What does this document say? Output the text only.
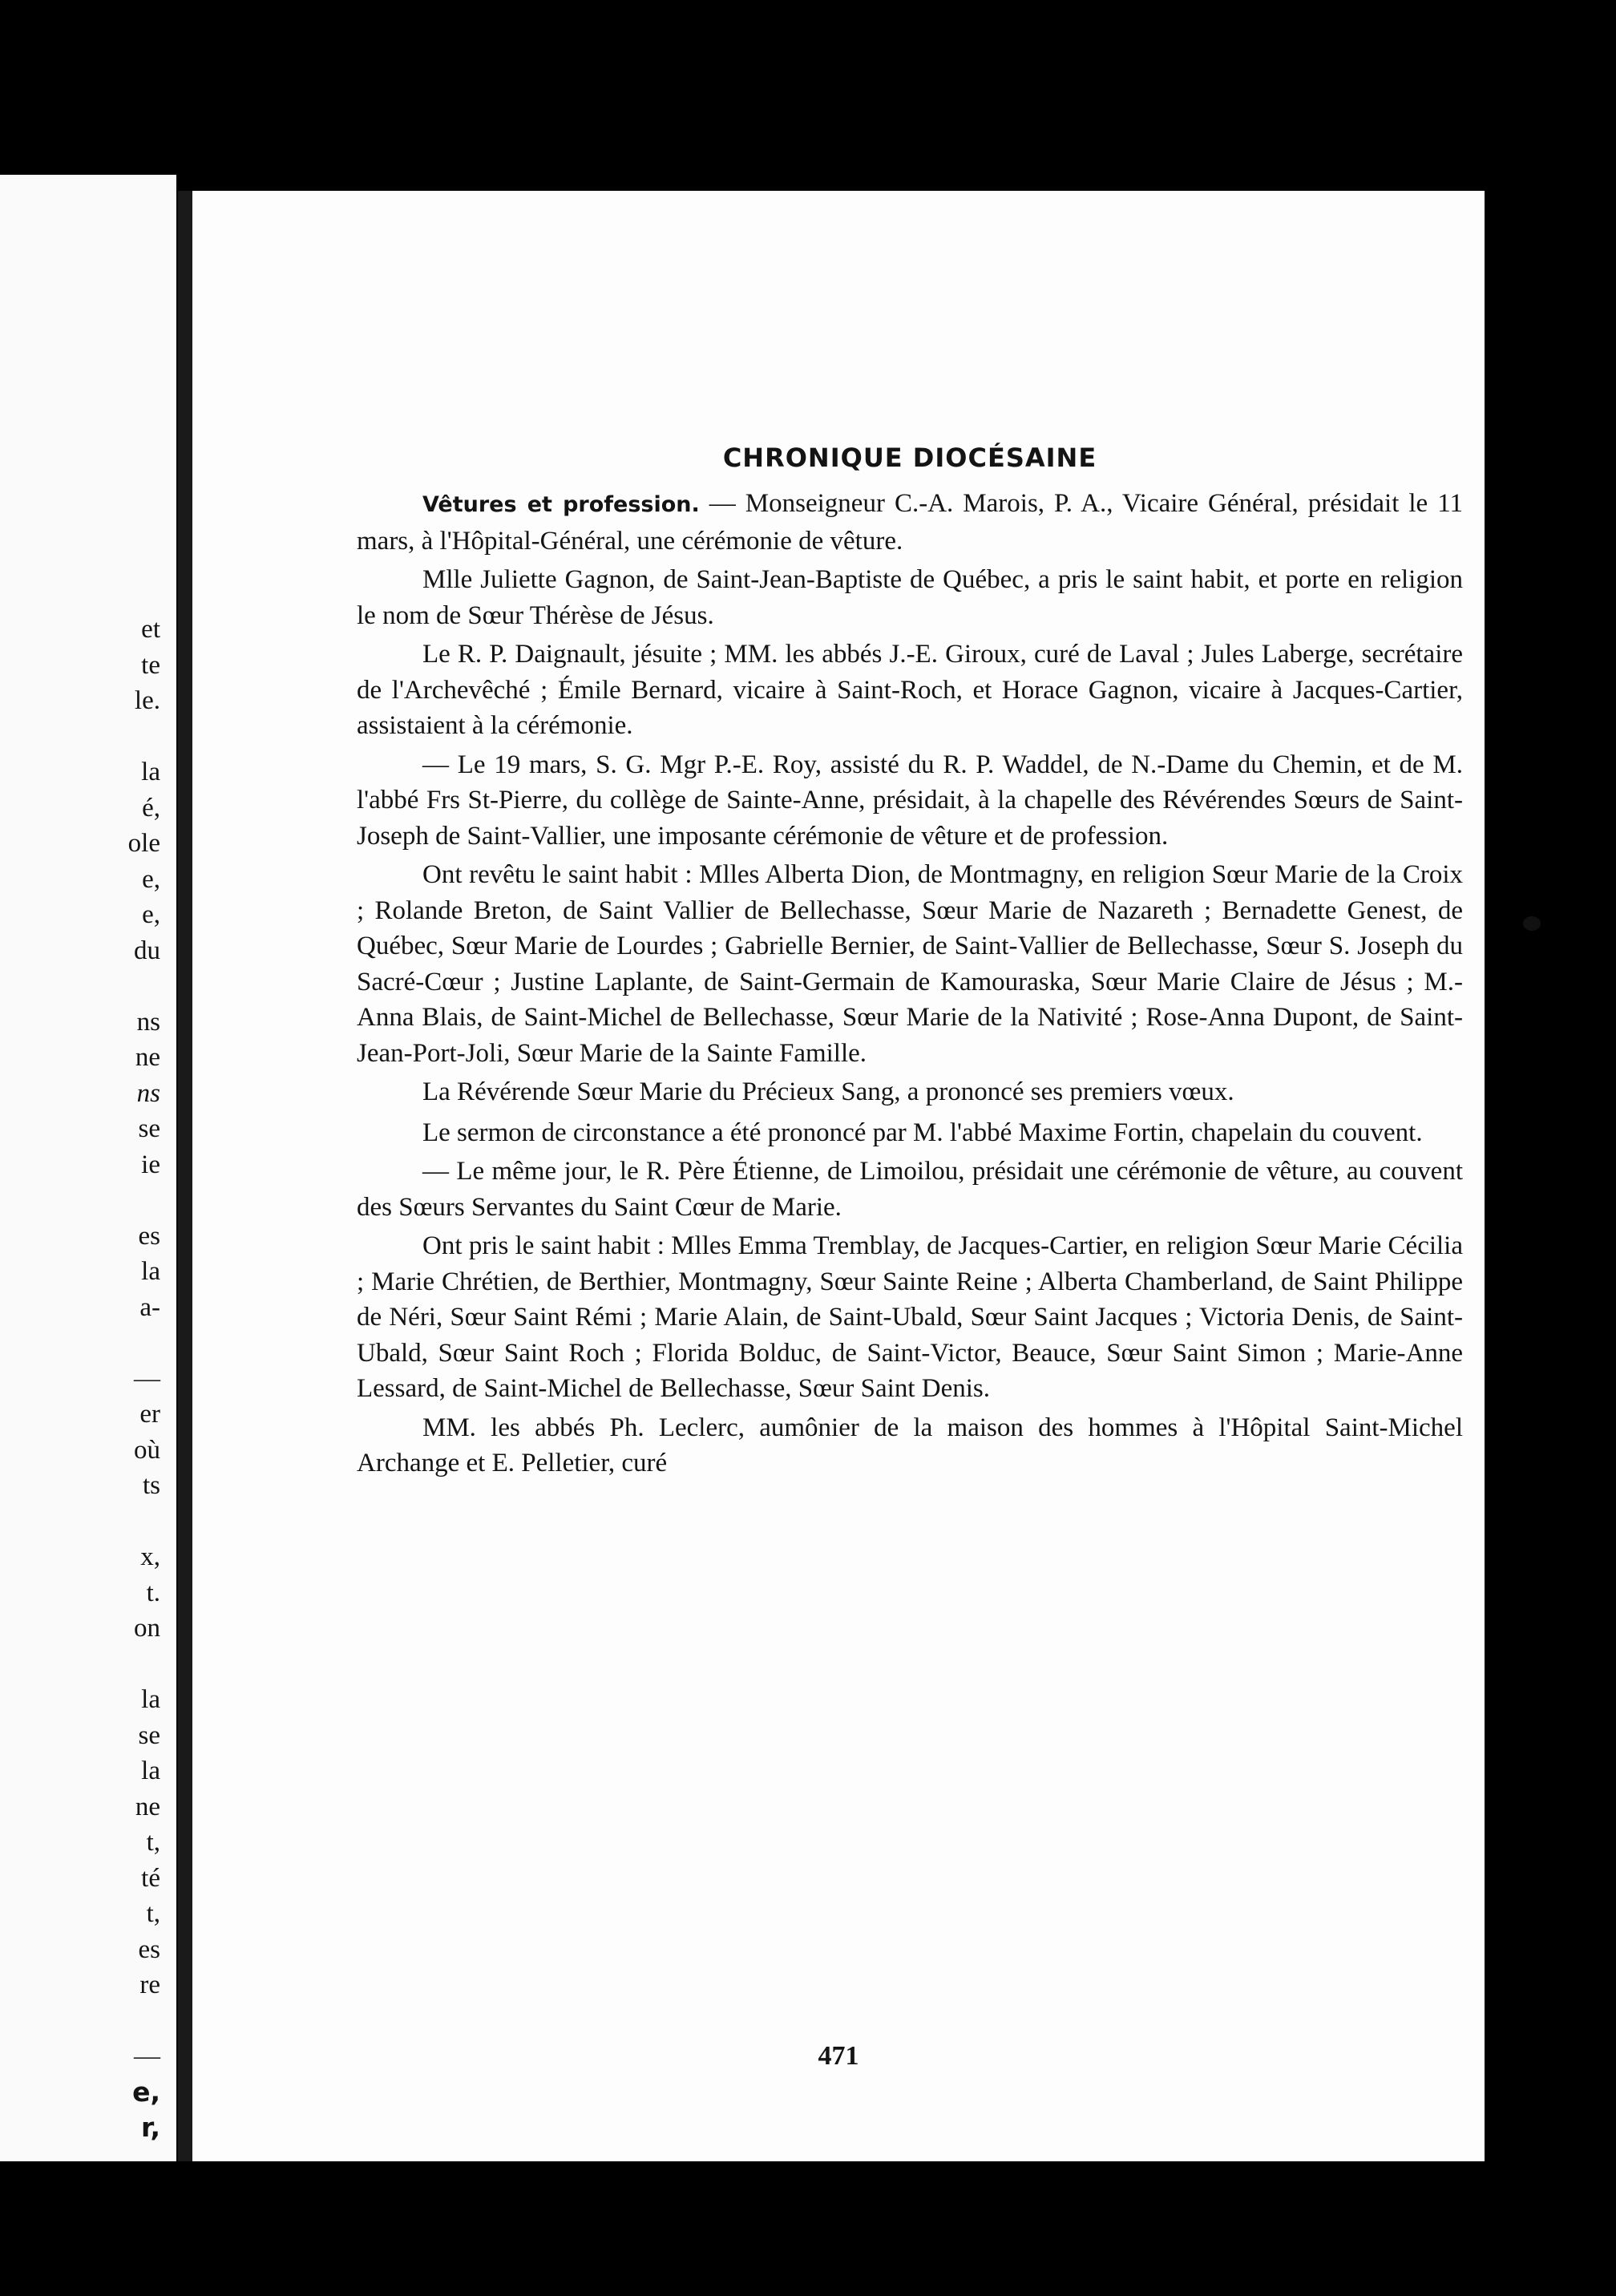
et
te
le.
la
é,
ole
e,
e,
du
ns
ne
ns
se
ie
es
la
a-
—
er
où
ts
x,
t.
on
la
se
la
ne
t,
té
t,
es
re
—
e,
r,
CHRONIQUE DIOCÉSAINE

Vêtures et profession. — Monseigneur C.-A. Marois, P. A., Vicaire Général, présidait le 11 mars, à l'Hôpital-Général, une cérémonie de vêture.

Mlle Juliette Gagnon, de Saint-Jean-Baptiste de Québec, a pris le saint habit, et porte en religion le nom de Sœur Thérèse de Jésus.

Le R. P. Daignault, jésuite ; MM. les abbés J.-E. Giroux, curé de Laval ; Jules Laberge, secrétaire de l'Archevêché ; Émile Bernard, vicaire à Saint-Roch, et Horace Gagnon, vicaire à Jacques-Cartier, assistaient à la cérémonie.

— Le 19 mars, S. G. Mgr P.-E. Roy, assisté du R. P. Waddel, de N.-Dame du Chemin, et de M. l'abbé Frs St-Pierre, du collège de Sainte-Anne, présidait, à la chapelle des Révérendes Sœurs de Saint-Joseph de Saint-Vallier, une imposante cérémonie de vêture et de profession.

Ont revêtu le saint habit : Mlles Alberta Dion, de Montmagny, en religion Sœur Marie de la Croix ; Rolande Breton, de Saint Vallier de Bellechasse, Sœur Marie de Nazareth ; Bernadette Genest, de Québec, Sœur Marie de Lourdes ; Gabrielle Bernier, de Saint-Vallier de Bellechasse, Sœur S. Joseph du Sacré-Cœur ; Justine Laplante, de Saint-Germain de Kamouraska, Sœur Marie Claire de Jésus ; M.-Anna Blais, de Saint-Michel de Bellechasse, Sœur Marie de la Nativité ; Rose-Anna Dupont, de Saint-Jean-Port-Joli, Sœur Marie de la Sainte Famille.

La Révérende Sœur Marie du Précieux Sang, a prononcé ses premiers vœux.

Le sermon de circonstance a été prononcé par M. l'abbé Maxime Fortin, chapelain du couvent.

— Le même jour, le R. Père Étienne, de Limoilou, présidait une cérémonie de vêture, au couvent des Sœurs Servantes du Saint Cœur de Marie.

Ont pris le saint habit : Mlles Emma Tremblay, de Jacques-Cartier, en religion Sœur Marie Cécilia ; Marie Chrétien, de Berthier, Montmagny, Sœur Sainte Reine ; Alberta Chamberland, de Saint Philippe de Néri, Sœur Saint Rémi ; Marie Alain, de Saint-Ubald, Sœur Saint Jacques ; Victoria Denis, de Saint-Ubald, Sœur Saint Roch ; Florida Bolduc, de Saint-Victor, Beauce, Sœur Saint Simon ; Marie-Anne Lessard, de Saint-Michel de Bellechasse, Sœur Saint Denis.

MM. les abbés Ph. Leclerc, aumônier de la maison des hommes à l'Hôpital Saint-Michel Archange et E. Pelletier, curé

471
